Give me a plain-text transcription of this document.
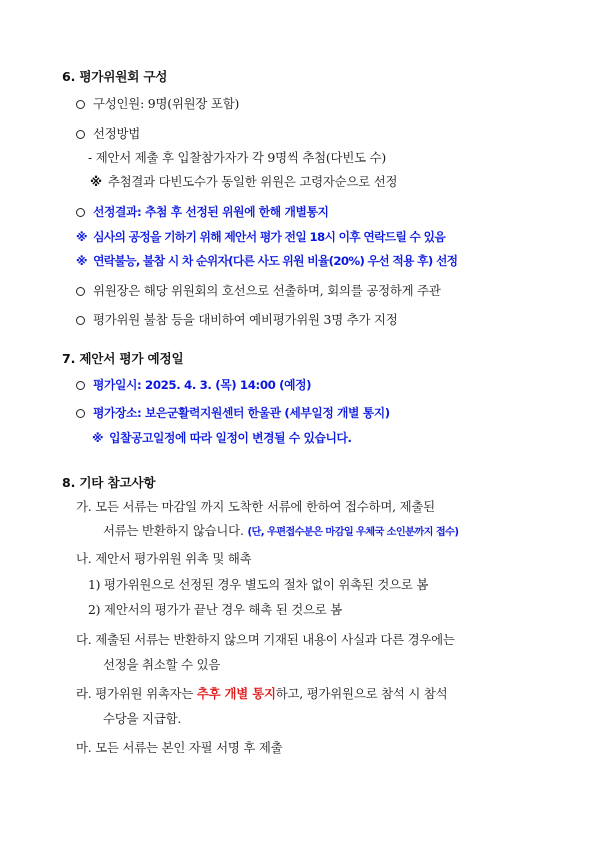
6. 평가위원회 구성
구성인원: 9명(위원장 포함)
선정방법
- 제안서 제출 후 입찰참가자가 각 9명씩 추첨(다빈도 수)
※ 추첨결과 다빈도수가 동일한 위원은 고령자순으로 선정
선정결과: 추첨 후 선정된 위원에 한해 개별통지
※ 심사의 공정을 기하기 위해 제안서 평가 전일 18시 이후 연락드릴 수 있음
※ 연락불능, 불참 시 차 순위자(다른 사도 위원 비율(20%) 우선 적용 후) 선정
위원장은 해당 위원회의 호선으로 선출하며, 회의를 공정하게 주관
평가위원 불참 등을 대비하여 예비평가위원 3명 추가 지정
7. 제안서 평가 예정일
평가일시: 2025. 4. 3. (목) 14:00 (예정)
평가장소: 보은군활력지원센터 한울관 (세부일정 개별 통지)
※ 입찰공고일정에 따라 일정이 변경될 수 있습니다.
8. 기타 참고사항
가. 모든 서류는 마감일 까지 도착한 서류에 한하여 접수하며, 제출된
서류는 반환하지 않습니다. (단, 우편접수분은 마감일 우체국 소인분까지 접수)
나. 제안서 평가위원 위촉 및 해촉
1) 평가위원으로 선정된 경우 별도의 절차 없이 위촉된 것으로 봄
2) 제안서의 평가가 끝난 경우 해촉 된 것으로 봄
다. 제출된 서류는 반환하지 않으며 기재된 내용이 사실과 다른 경우에는
선정을 취소할 수 있음
라. 평가위원 위촉자는 추후 개별 통지하고, 평가위원으로 참석 시 참석
수당을 지급함.
마. 모든 서류는 본인 자필 서명 후 제출
